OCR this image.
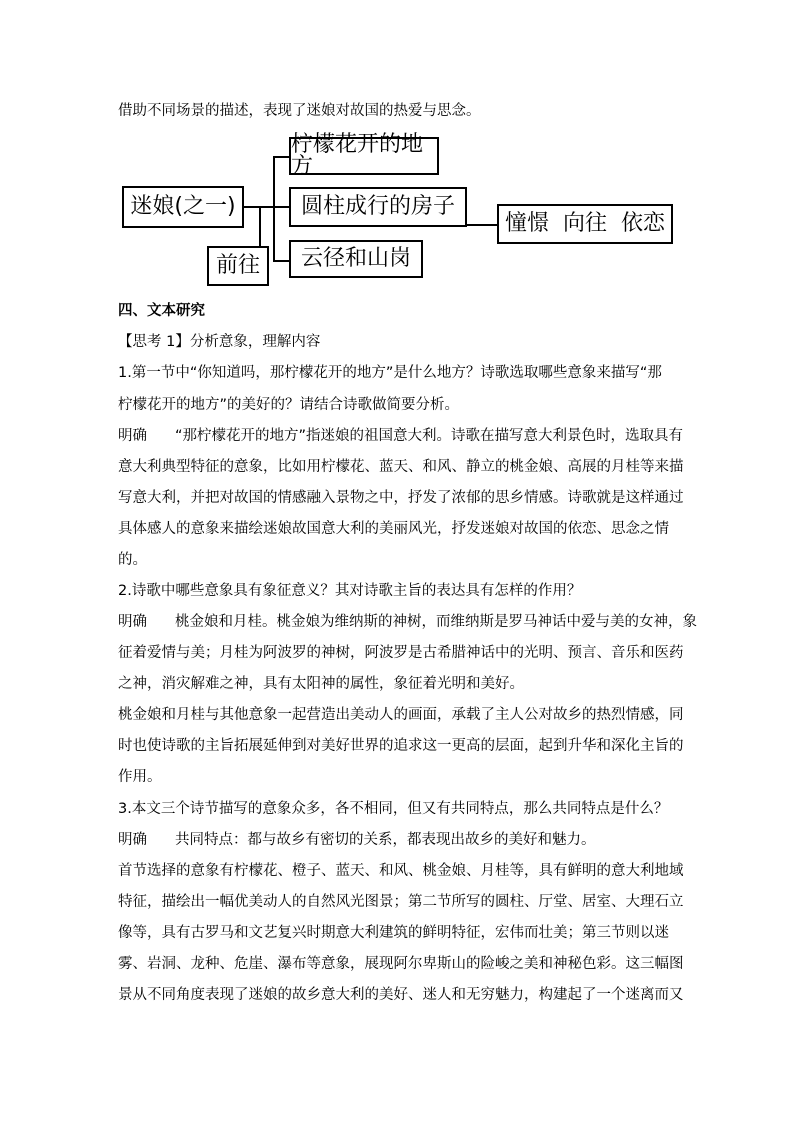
借助不同场景的描述，表现了迷娘对故国的热爱与思念。
迷娘(之一)
柠檬花开的地方
圆柱成行的房子
云径和山岗
前往
憧憬  向往  依恋
四、文本研究
【思考 1】分析意象，理解内容
1.第一节中“你知道吗，那柠檬花开的地方”是什么地方？诗歌选取哪些意象来描写“那
柠檬花开的地方”的美好的？请结合诗歌做简要分析。
明确 “那柠檬花开的地方”指迷娘的祖国意大利。诗歌在描写意大利景色时，选取具有
意大利典型特征的意象，比如用柠檬花、蓝天、和风、静立的桃金娘、高展的月桂等来描
写意大利，并把对故国的情感融入景物之中，抒发了浓郁的思乡情感。诗歌就是这样通过
具体感人的意象来描绘迷娘故国意大利的美丽风光，抒发迷娘对故国的依恋、思念之情
的。
2.诗歌中哪些意象具有象征意义？其对诗歌主旨的表达具有怎样的作用？
明确 桃金娘和月桂。桃金娘为维纳斯的神树，而维纳斯是罗马神话中爱与美的女神，象
征着爱情与美；月桂为阿波罗的神树，阿波罗是古希腊神话中的光明、预言、音乐和医药
之神，消灾解难之神，具有太阳神的属性，象征着光明和美好。
桃金娘和月桂与其他意象一起营造出美动人的画面，承载了主人公对故乡的热烈情感，同
时也使诗歌的主旨拓展延伸到对美好世界的追求这一更高的层面，起到升华和深化主旨的
作用。
3.本文三个诗节描写的意象众多，各不相同，但又有共同特点，那么共同特点是什么？
明确 共同特点：都与故乡有密切的关系，都表现出故乡的美好和魅力。
首节选择的意象有柠檬花、橙子、蓝天、和风、桃金娘、月桂等，具有鲜明的意大利地域
特征，描绘出一幅优美动人的自然风光图景；第二节所写的圆柱、厅堂、居室、大理石立
像等，具有古罗马和文艺复兴时期意大利建筑的鲜明特征，宏伟而壮美；第三节则以迷
雾、岩洞、龙种、危崖、瀑布等意象，展现阿尔卑斯山的险峻之美和神秘色彩。这三幅图
景从不同角度表现了迷娘的故乡意大利的美好、迷人和无穷魅力，构建起了一个迷离而又
